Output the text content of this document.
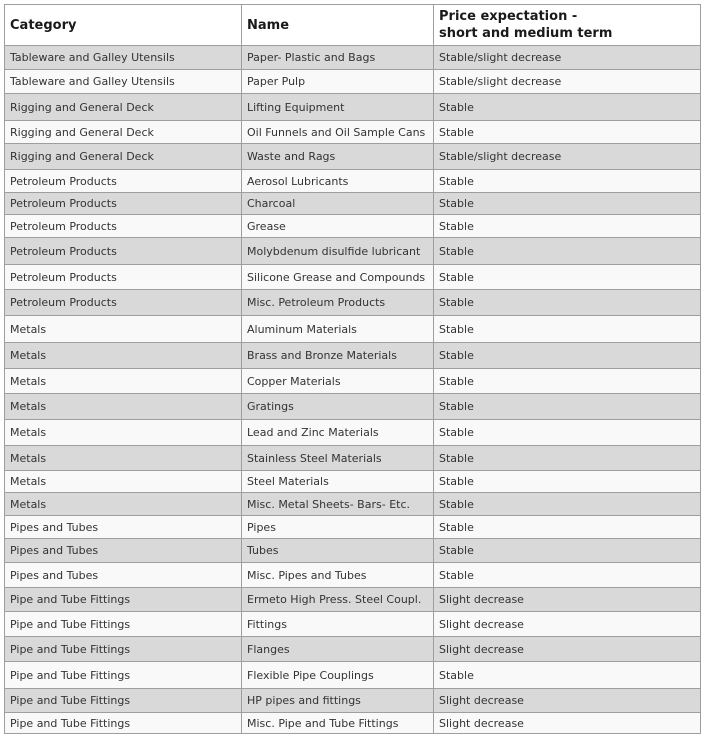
Category	Name	Price expectation -
short and medium term
Tableware and Galley Utensils	Paper- Plastic and Bags	Stable/slight decrease
Tableware and Galley Utensils	Paper Pulp	Stable/slight decrease
Rigging and General Deck	Lifting Equipment	Stable
Rigging and General Deck	Oil Funnels and Oil Sample Cans	Stable
Rigging and General Deck	Waste and Rags	Stable/slight decrease
Petroleum Products	Aerosol Lubricants	Stable
Petroleum Products	Charcoal	Stable
Petroleum Products	Grease	Stable
Petroleum Products	Molybdenum disulfide lubricant	Stable
Petroleum Products	Silicone Grease and Compounds	Stable
Petroleum Products	Misc. Petroleum Products	Stable
Metals	Aluminum Materials	Stable
Metals	Brass and Bronze Materials	Stable
Metals	Copper Materials	Stable
Metals	Gratings	Stable
Metals	Lead and Zinc Materials	Stable
Metals	Stainless Steel Materials	Stable
Metals	Steel Materials	Stable
Metals	Misc. Metal Sheets- Bars- Etc.	Stable
Pipes and Tubes	Pipes	Stable
Pipes and Tubes	Tubes	Stable
Pipes and Tubes	Misc. Pipes and Tubes	Stable
Pipe and Tube Fittings	Ermeto High Press. Steel Coupl.	Slight decrease
Pipe and Tube Fittings	Fittings	Slight decrease
Pipe and Tube Fittings	Flanges	Slight decrease
Pipe and Tube Fittings	Flexible Pipe Couplings	Stable
Pipe and Tube Fittings	HP pipes and fittings	Slight decrease
Pipe and Tube Fittings	Misc. Pipe and Tube Fittings	Slight decrease
